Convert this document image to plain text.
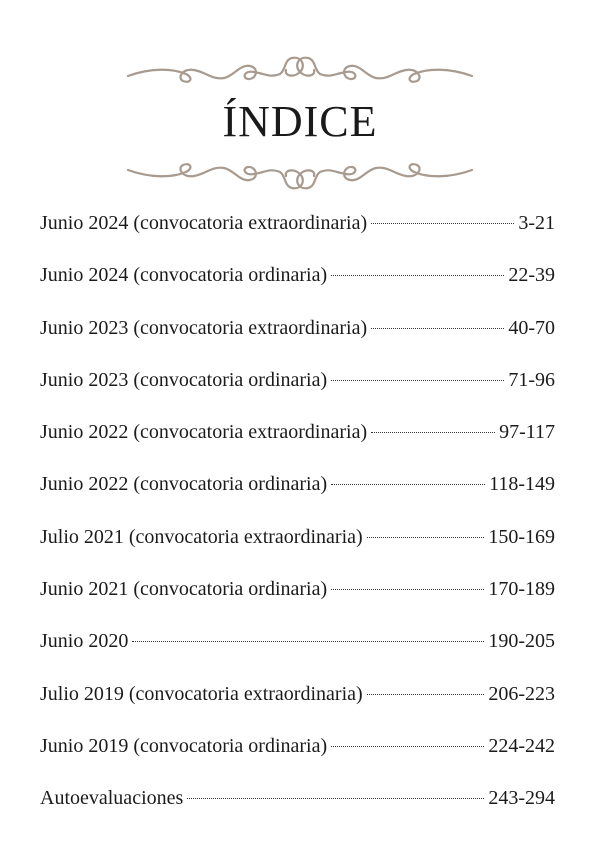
ÍNDICE
Junio 2024 (convocatoria extraordinaria)	3-21
Junio 2024 (convocatoria ordinaria)	22-39
Junio 2023 (convocatoria extraordinaria)	40-70
Junio 2023 (convocatoria ordinaria)	71-96
Junio 2022 (convocatoria extraordinaria)	97-117
Junio 2022 (convocatoria ordinaria)	118-149
Julio 2021 (convocatoria extraordinaria)	150-169
Junio 2021 (convocatoria ordinaria)	170-189
Junio 2020	190-205
Julio 2019 (convocatoria extraordinaria)	206-223
Junio 2019 (convocatoria ordinaria)	224-242
Autoevaluaciones	243-294
